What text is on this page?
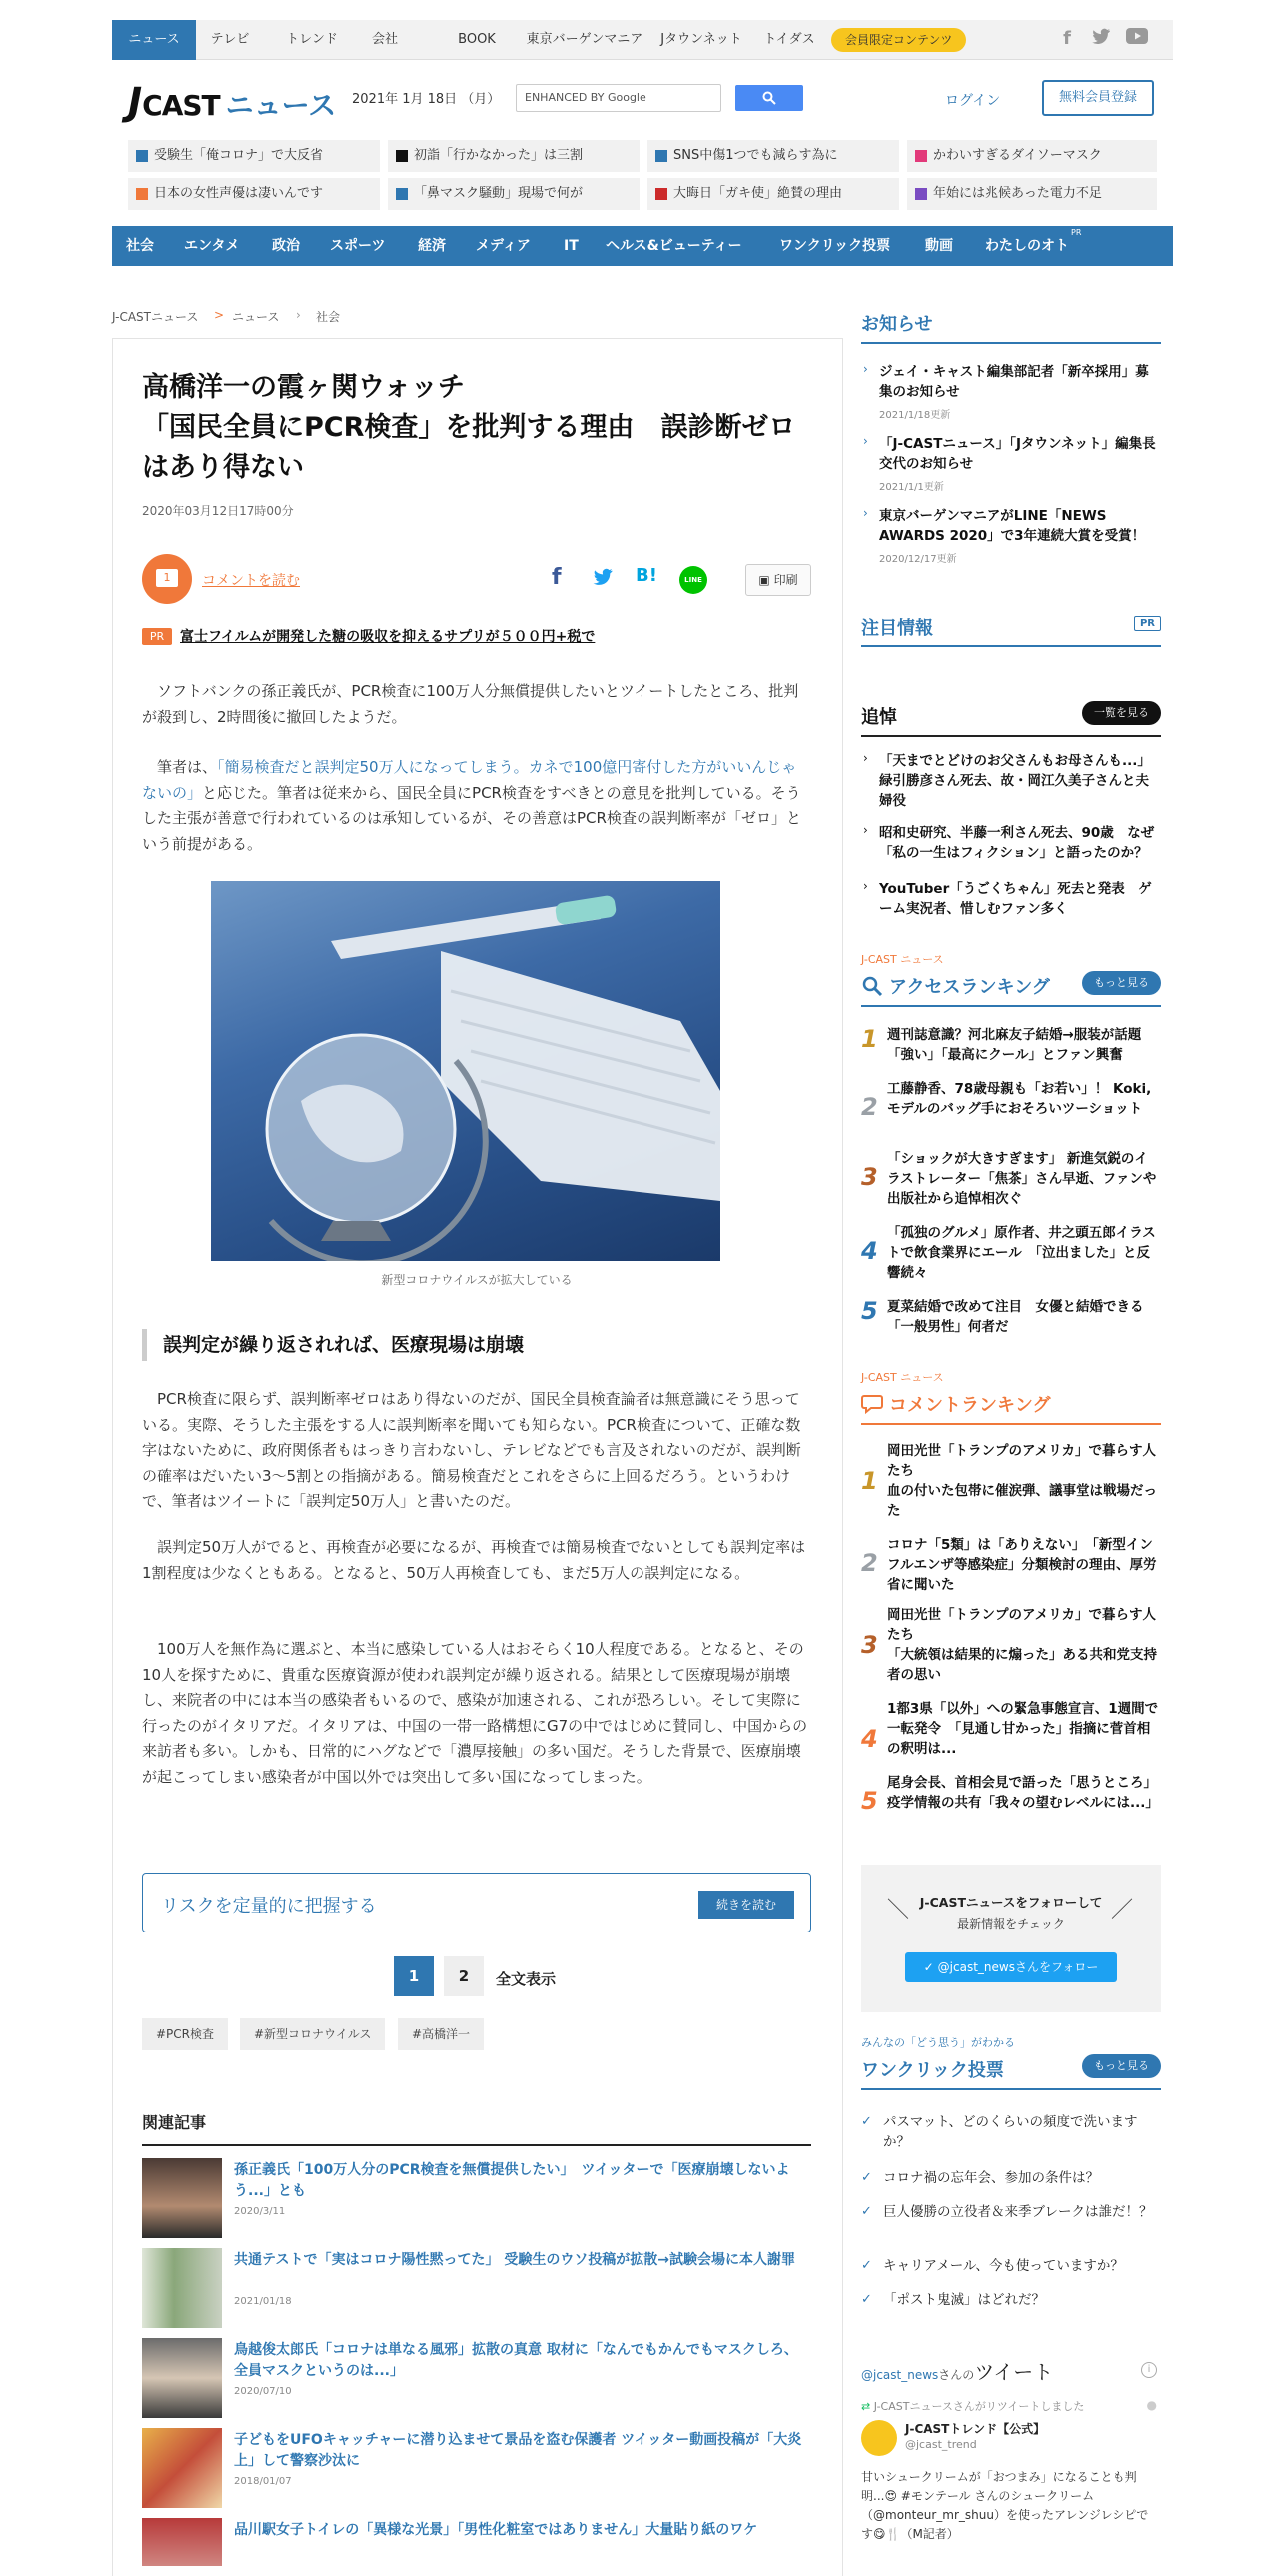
ニュース	テレビ	トレンド	会社	BOOK	東京バーゲンマニア	Jタウンネット	トイダス	会員限定コンテンツ	f
JCAST ニュース 2021年 1月 18日 （月）	ENHANCED BY Google	ログイン	無料会員登録
受験生「俺コロナ」で大反省	初詣「行かなかった」は三割	SNS中傷1つでも減らす為に	かわいすぎるダイソーマスク
日本の女性声優は凄いんです	「鼻マスク騒動」現場で何が	大晦日「ガキ使」絶賛の理由	年始には兆候あった電力不足
社会 エンタメ 政治 スポーツ 経済 メディア IT ヘルス&ビューティー	ワンクリック投票 動画 わたしのオト
PR
J-CASTニュース > ニュース › 社会
高橋洋一の霞ヶ関ウォッチ
「国民全員にPCR検査」を批判する理由　誤診断ゼロはあり得ない
2020年03月12日17時00分
1	コメントを読む	f	B!	LINE	▣ 印刷
PR	富士フイルムが開発した糖の吸収を抑えるサプリが５００円+税で

ソフトバンクの孫正義氏が、PCR検査に100万人分無償提供したいとツイートしたところ、批判が殺到し、2時間後に撤回したようだ。

筆者は、「簡易検査だと誤判定50万人になってしまう。カネで100億円寄付した方がいいんじゃないの」と応じた。筆者は従来から、国民全員にPCR検査をすべきとの意見を批判している。そうした主張が善意で行われているのは承知しているが、その善意はPCR検査の誤判断率が「ゼロ」という前提がある。

新型コロナウイルスが拡大している
誤判定が繰り返されれば、医療現場は崩壊

PCR検査に限らず、誤判断率ゼロはあり得ないのだが、国民全員検査論者は無意識にそう思っている。実際、そうした主張をする人に誤判断率を聞いても知らない。PCR検査について、正確な数字はないために、政府関係者もはっきり言わないし、テレビなどでも言及されないのだが、誤判断の確率はだいたい3～5割との指摘がある。簡易検査だとこれをさらに上回るだろう。というわけで、筆者はツイートに「誤判定50万人」と書いたのだ。

誤判定50万人がでると、再検査が必要になるが、再検査では簡易検査でないとしても誤判定率は1割程度は少なくともある。となると、50万人再検査しても、まだ5万人の誤判定になる。

100万人を無作為に選ぶと、本当に感染している人はおそらく10人程度である。となると、その10人を探すために、貴重な医療資源が使われ誤判定が繰り返される。結果として医療現場が崩壊し、来院者の中には本当の感染者もいるので、感染が加速される、これが恐ろしい。そして実際に行ったのがイタリアだ。イタリアは、中国の一帯一路構想にG7の中ではじめに賛同し、中国からの来訪者も多い。しかも、日常的にハグなどで「濃厚接触」の多い国だ。そうした背景で、医療崩壊が起こってしまい感染者が中国以外では突出して多い国になってしまった。

リスクを定量的に把握する	続きを読む
1	2	全文表示
#PCR検査	#新型コロナウイルス	#高橋洋一
関連記事
孫正義氏「100万人分のPCR検査を無償提供したい」　ツイッターで「医療崩壊しないよう...」とも
2020/3/11
共通テストで「実はコロナ陽性黙ってた」 受験生のウソ投稿が拡散→試験会場に本人謝罪
2021/01/18
鳥越俊太郎氏「コロナは単なる風邪」拡散の真意 取材に「なんでもかんでもマスクしろ、全員マスクというのは...」
2020/07/10
子どもをUFOキャッチャーに潜り込ませて景品を盗む保護者 ツイッター動画投稿が「大炎上」して警察沙汰に
2018/01/07
品川駅女子トイレの「異様な光景」「男性化粧室ではありません」大量貼り紙のワケ
お知らせ
› ジェイ・キャスト編集部記者「新卒採用」募集のお知らせ
2021/1/18更新
› 「J-CASTニュース」「Jタウンネット」編集長交代のお知らせ
2021/1/1更新
› 東京バーゲンマニアがLINE「NEWS AWARDS 2020」で3年連続大賞を受賞！
2020/12/17更新
注目情報	PR
追悼	一覧を見る
› 「天までとどけのお父さんもお母さんも...」　緑引勝彦さん死去、故・岡江久美子さんと夫婦役
› 昭和史研究、半藤一利さん死去、90歳　なぜ「私の一生はフィクション」と語ったのか？
› YouTuber「うごくちゃん」死去と発表　ゲーム実況者、惜しむファン多く
J-CAST ニュース
アクセスランキング	もっと見る
1 週刊誌意識？河北麻友子結婚→服装が話題「強い」「最高にクール」とファン興奮
2
工藤静香、78歳母親も「お若い」！ Koki,モデルのバッグ手におそろいツーショット
3
「ショックが大きすぎます」 新進気鋭のイラストレーター「焦茶」さん早逝、ファンや出版社から追悼相次ぐ
4
「孤独のグルメ」原作者、井之頭五郎イラストで飲食業界にエール　「泣出ました」と反響続々
5 夏菜結婚で改めて注目　女優と結婚できる「一般男性」何者だ
J-CAST ニュース
コメントランキング
1
岡田光世「トランプのアメリカ」で暮らす人たち
血の付いた包帯に催涙弾、議事堂は戦場だった
2
コロナ「5類」は「ありえない」　「新型インフルエンザ等感染症」分類検討の理由、厚労省に聞いた
3
岡田光世「トランプのアメリカ」で暮らす人たち
「大統領は結果的に煽った」ある共和党支持者の思い
4
1都3県「以外」への緊急事態宣言、1週間で一転発令　「見通し甘かった」指摘に菅首相の釈明は...
5
尾身会長、首相会見で語った「思うところ」　疫学情報の共有「我々の望むレベルには...」
＼	／
J-CASTニュースをフォローして
最新情報をチェック
✓ @jcast_newsさんをフォロー
みんなの「どう思う」がわかる
ワンクリック投票	もっと見る
✓ パスマット、どのくらいの頻度で洗いますか？
✓ コロナ禍の忘年会、参加の条件は？
✓ 巨人優勝の立役者＆来季ブレークは誰だ！？
✓ キャリアメール、今も使っていますか？
✓ 「ポスト鬼滅」はどれだ？
@jcast_newsさんのツイート	i
⇄ J-CASTニュースさんがリツイートしました	●
J-CASTトレンド【公式】
@jcast_trend
甘いシュークリームが「おつまみ」になることも判明...😍 #モンテール さんのシュークリーム（@monteur_mr_shuu）を使ったアレンジレシピです😋🍴（M記者）
